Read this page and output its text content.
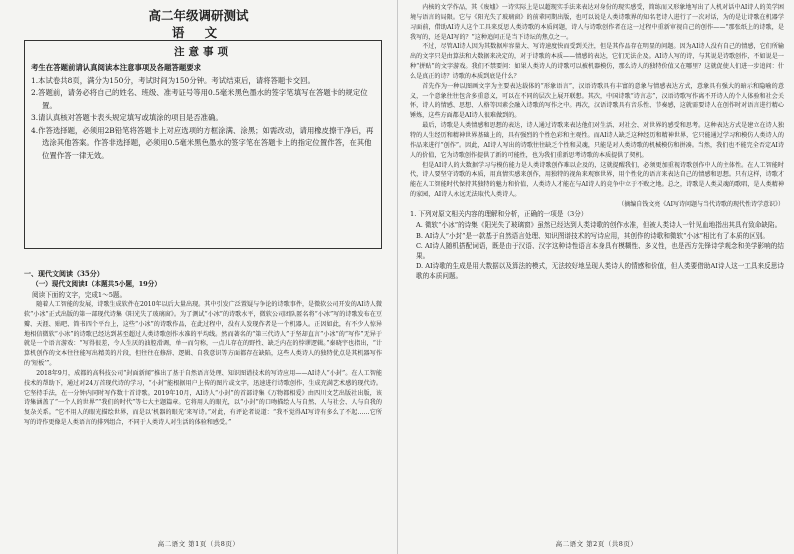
高二年级调研测试
语 文
注意事项
考生在答题前请认真阅读本注意事项及各题答题要求
1.本试卷共8页，满分为150分，考试时间为150分钟。考试结束后，请将答题卡交回。
2.答题前，请务必将自己的姓名、班级、准考证号等用0.5毫米黑色墨水的签字笔填写在答题卡的规定位置。
3.请认真核对答题卡表头规定填写或填涂的项目是否准确。
4.作答选择题，必须用2B铅笔将答题卡上对应选项的方框涂满、涂黑；如需改动，请用橡皮擦干净后，再选涂其他答案。作答非选择题，必须用0.5毫米黑色墨水的签字笔在答题卡上的指定位置作答，在其他位置作答一律无效。
一、现代文阅读（35分）
（一）现代文阅读Ⅰ（本题共5小题，19分）
阅读下面的文字，完成1～5题。
随着人工智能的发展，诗歌生成软件在2010年以后大量出现。其中引发广泛置疑与争论的诗歌事件，是微软公司开发的AI诗人微软“小冰”正式出版的第一部现代诗集《阳光失了玻璃窗》。为了测试“小冰”的诗歌水平，微软公司团队匿名将“小冰”写的诗歌发布在豆瓣、天涯、贴吧、简书四个平台上，这些“小冰”的诗歌作品，在此过程中，没有人发现作者是一个机器人。正因如此，有不少人惊异地相信微软“小冰”的诗歌已经达到甚至超过人类诗歌创作水准的平均线。然而著名的“第三代诗人”于坚却直言“小冰”的“写作”无异于就是一个语言游戏：“写得很差，令人生厌的油腔滑调，单一而匀称，一点儿存在的野性、缺乏内在的悖谬逻辑。”秦晓宇也指出，“计算机创作的文本往往能写出精美的片段，但往往在修辞、逻辑、自我意识等方面都存在缺陷，这些人类诗人的独特优点是其机器写作的‘短板’”。
2018年9月，成都的高科技公司“封面新闻”推出了基于自然语言处理、知识图谱技术的写诗应用——AI诗人“小封”。在人工智能技术的帮助下，通过对24万首现代诗的学习，“小封”能根据用户上传的图片或文字，迅速进行诗歌创作，生成充满艺术感的现代诗。它坚持手法，在一分钟内同时写作数十首诗歌。2019年10月，AI诗人“小封”的首部诗集《万物都相爱》由四川文艺出版社出版，该诗集涵盖了“一个人的世界”“我们的时代”等七大主题篇章。它将用人的眼光，以“小封”的口吻描绘人与自然、人与社会、人与自我的复杂关系。“它不用人的眼光描绘世界，而是以‘机器的眼光’来写诗。”对此，有评论者说道：“我不觉得AI写诗有多么了不起……它所写的诗作更像是人类语言的排列组合，不同于人类诗人对生活的体验和感受。”
高二语文 第1页（共8页）
内核的文学作品，其《废墟》一诗实际上是以超现实手法来表达对身份的现实感受，简练而又形象地写出了人机对话中AI诗人的美学困境与语言的局限。它与《阳光失了玻璃窗》的前辈同期出版，也可以说是人类诗歌界的知名老诗人进行了一次对话，为的是让诗歌在机器学习面前，借助AI诗人这个工具来反思人类诗歌的本质问题，诗人与诗歌创作者在这一过程中重新审视自己的创作——“那张纸上的诗歌，是我写的，还是AI写的？”这种追问正是当下诗坛的焦点之一。
不过，尽管AI诗人因为其数据库容量大、写诗速度快而受到关注，但是其作品存在明显的问题。因为AI诗人没有自己的情感，它们所输出的文字只是由算法和大数据来决定的，对于诗歌的本质——情感的表达，它们无法企及。AI诗人写的诗，与其说是诗歌创作，不如说是一种“拼贴”的文字游戏。我们不禁要问：如果人类诗人的诗歌可以被机器模仿，那么诗人的独特价值又在哪里？这就促使人们进一步追问：什么是真正的诗？诗歌的本质到底是什么？
首先作为一种以图画文字为主要表达载体的“形象语言”，汉语诗歌具有丰富的意象与情感表达方式，意象具有强大的暗示和隐喻的意义，一个意象往往包含多重意义，可以在不同的层次上展开联想。其次，中国诗歌“诗言志”，汉语诗歌写作离不开诗人的个人体验和社会关怀，诗人的情感、思想、人格等因素会融入诗歌的写作之中。再次，汉语诗歌具有音乐性、节奏感，这就需要诗人在创作时对语言进行精心锤炼，这些方面都是AI诗人很难做到的。
最后，诗歌是人类情感和思想的表达，诗人通过诗歌来表达他们对生活、对社会、对世界的感受和思考。这种表达方式是建立在诗人独特的人生经历和精神世界基础上的，具有强烈的个性色彩和主观性。而AI诗人缺乏这种经历和精神世界，它只能通过学习和模仿人类诗人的作品来进行“创作”。因此，AI诗人写出的诗歌往往缺乏个性和灵魂，只能是对人类诗歌的机械模仿和拼凑。当然，我们也不能完全否定AI诗人的价值，它为诗歌创作提供了新的可能性，也为我们重新思考诗歌的本质提供了契机。
但是AI诗人的大数据学习与模仿能力是人类诗歌创作难以企及的，这就提醒我们，必须更加重视诗歌创作中人的主体性。在人工智能时代，诗人要坚守诗歌的本质，用真情实感来创作，用独特的视角来观察世界，用个性化的语言来表达自己的情感和思想。只有这样，诗歌才能在人工智能时代保持其独特的魅力和价值，人类诗人才能在与AI诗人的竞争中立于不败之地。总之，诗歌是人类灵魂的歌唱，是人类精神的家园，AI诗人永远无法取代人类诗人。
（摘编自钱文亮《AI写诗问题与当代诗歌的现代性诗学意识》）
1. 下列对原文相关内容的理解和分析，正确的一项是（3分）
A. 微软“小冰”的诗集《阳光失了玻璃窗》虽然已经达到人类诗歌的创作水准，但被人类诗人一针见血地指出其具有致命缺陷。
B. AI诗人“小封”是一款基于自然语言处理、知识图谱技术的写诗应用，其创作的诗歌和微软“小冰”相比有了本质的区别。
C. AI诗人随机搭配词语，既是由于汉语、汉字这种诗性语言本身具有模糊性、多义性，也是西方先锋诗学观念和美学影响的结果。
D. AI诗歌的生成是用大数据以及算法的模式，无法较好地呈现人类诗人的情感和价值，但人类要借助AI诗人这一工具来反思诗歌的本质问题。
高二语文 第2页（共8页）
